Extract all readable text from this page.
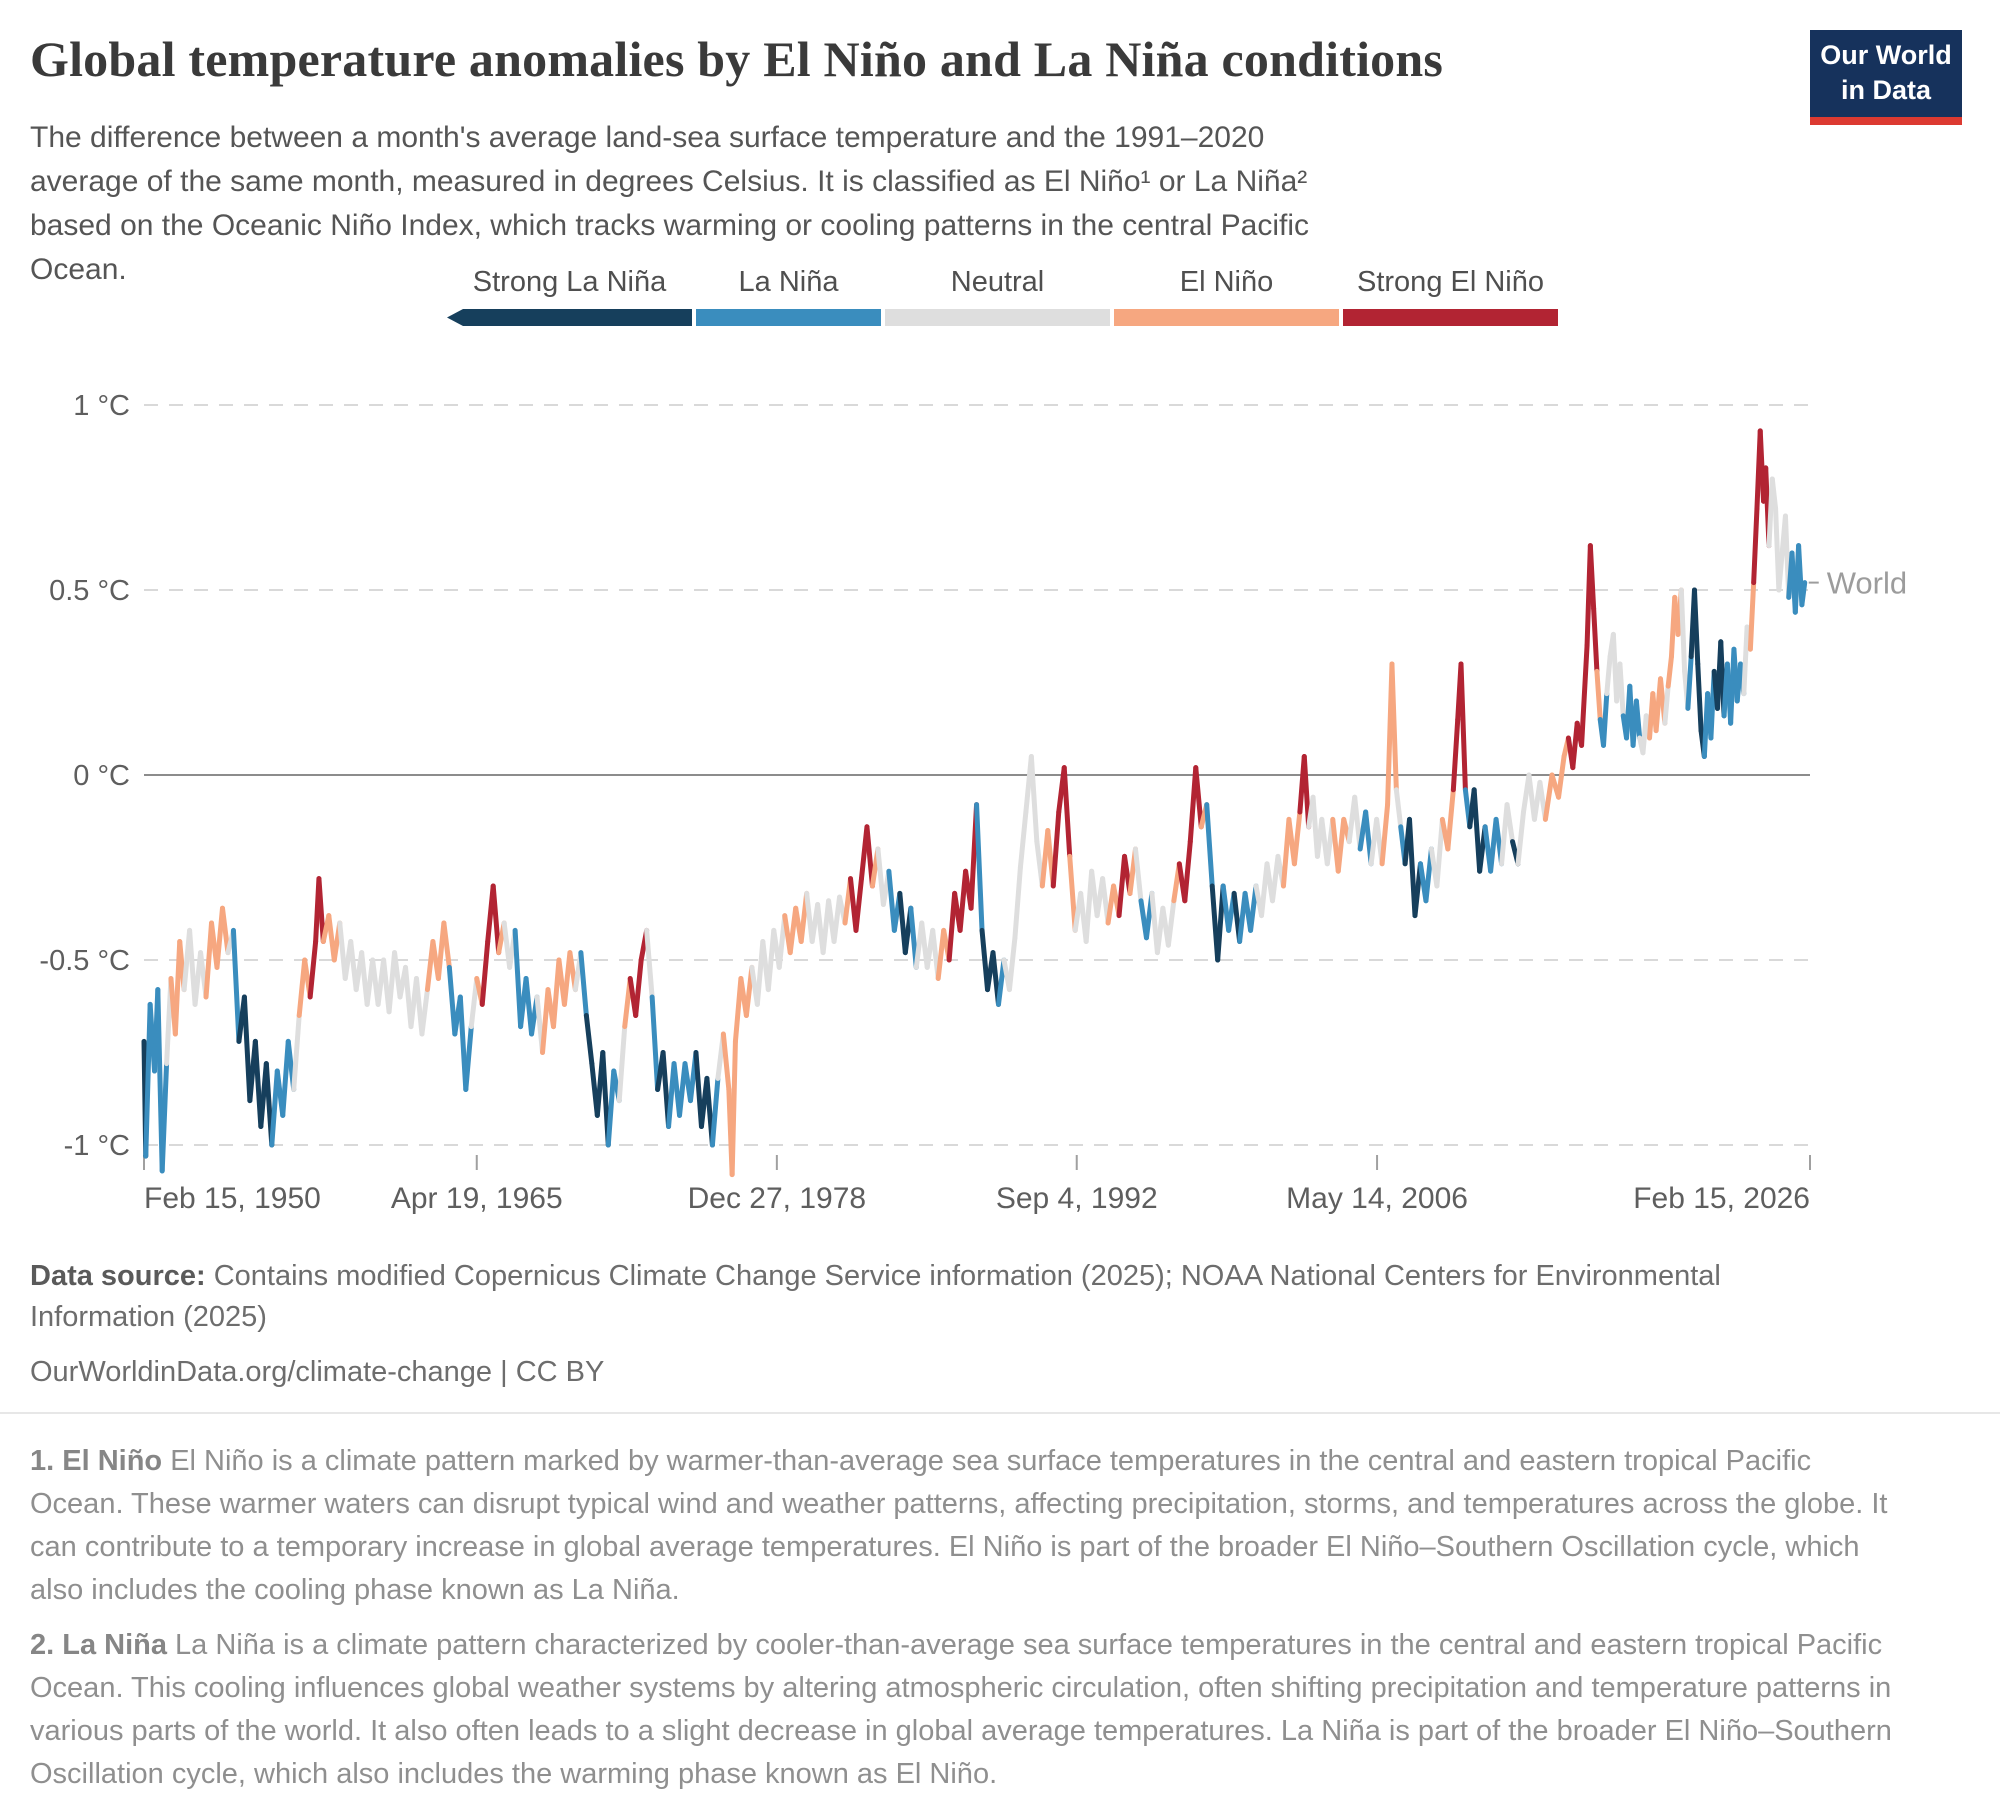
Global temperature anomalies by El Niño and La Niña conditions	Our World
in Data
The difference between a month's average land-sea surface temperature and the 1991–2020 average of the same month, measured in degrees Celsius. It is classified as El Niño¹ or La Niña² based on the Oceanic Niño Index, which tracks warming or cooling patterns in the central Pacific Ocean.	Strong La Niña La Niña	Neutral	El Niño	Strong El Niño
1 °C
0.5 °C
0 °C
-0.5 °C
-1 °C
Feb 15, 1950 Apr 19, 1965	Dec 27, 1978	Sep 4, 1992	May 14, 2006	Feb 15, 2026
World
Data source: Contains modified Copernicus Climate Change Service information (2025); NOAA National Centers for Environmental Information (2025)
OurWorldinData.org/climate-change | CC BY
1. El Niño El Niño is a climate pattern marked by warmer-than-average sea surface temperatures in the central and eastern tropical Pacific Ocean. These warmer waters can disrupt typical wind and weather patterns, affecting precipitation, storms, and temperatures across the globe. It can contribute to a temporary increase in global average temperatures. El Niño is part of the broader El Niño–Southern Oscillation cycle, which also includes the cooling phase known as La Niña.
2. La Niña La Niña is a climate pattern characterized by cooler-than-average sea surface temperatures in the central and eastern tropical Pacific Ocean. This cooling influences global weather systems by altering atmospheric circulation, often shifting precipitation and temperature patterns in various parts of the world. It also often leads to a slight decrease in global average temperatures. La Niña is part of the broader El Niño–Southern Oscillation cycle, which also includes the warming phase known as El Niño.
